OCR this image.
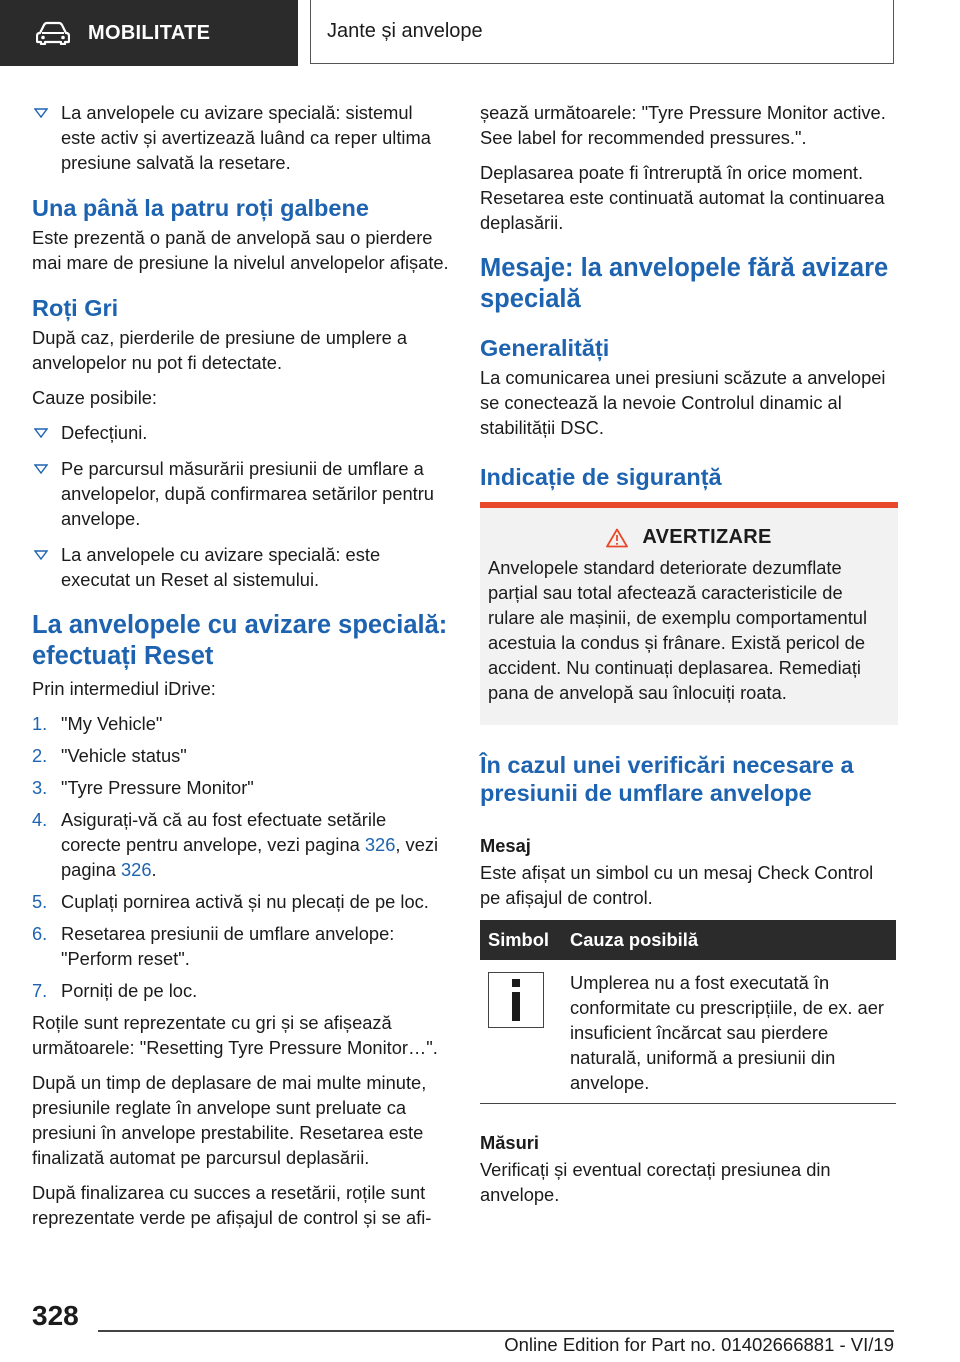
MOBILITATE	Jante și anvelope
La anvelopele cu avizare specială: sistemul este activ și avertizează luând ca reper ultima presiune salvată la resetare.
Una până la patru roți galbene

Este prezentă o pană de anvelopă sau o pierdere mai mare de presiune la nivelul anvelopelor afișate.

Roți Gri

După caz, pierderile de presiune de umplere a anvelopelor nu pot fi detectate.

Cauze posibile:

Defecțiuni.
Pe parcursul măsurării presiunii de umflare a anvelopelor, după confirmarea setărilor pentru anvelope.
La anvelopele cu avizare specială: este executat un Reset al sistemului.
La anvelopele cu avizare specială: efectuați Reset

Prin intermediul iDrive:

1. "My Vehicle"
2. "Vehicle status"
3. "Tyre Pressure Monitor"
4. Asigurați-vă că au fost efectuate setările corecte pentru anvelope, vezi pagina 326, vezi pagina 326.
5. Cuplați pornirea activă și nu plecați de pe loc.
6. Resetarea presiunii de umflare anvelope: "Perform reset".
7. Porniți de pe loc.

Roțile sunt reprezentate cu gri și se afișează următoarele: "Resetting Tyre Pressure Monitor…".

După un timp de deplasare de mai multe minute, presiunile reglate în anvelope sunt preluate ca presiuni în anvelope prestabilite. Resetarea este finalizată automat pe parcursul deplasării.

După finalizarea cu succes a resetării, roțile sunt reprezentate verde pe afișajul de control și se afi-

șează următoarele: "Tyre Pressure Monitor active. See label for recommended pressures.".

Deplasarea poate fi întreruptă în orice moment. Resetarea este continuată automat la continuarea deplasării.

Mesaje: la anvelopele fără avizare specială
Generalități

La comunicarea unei presiuni scăzute a anvelopei se conectează la nevoie Controlul dinamic al stabilității DSC.

Indicație de siguranță
AVERTIZARE

Anvelopele standard deteriorate dezumflate parțial sau total afectează caracteristicile de rulare ale mașinii, de exemplu comportamentul acestuia la condus și frânare. Există pericol de accident. Nu continuați deplasarea. Remediați pana de anvelopă sau înlocuiți roata.

În cazul unei verificări necesare a presiunii de umflare anvelope
Mesaj

Este afișat un simbol cu un mesaj Check Control pe afișajul de control.

Simbol	Cauza posibilă

	Umplerea nu a fost executată în conformitate cu prescripțiile, de ex. aer insuficient încărcat sau pierdere naturală, uniformă a presiunii din anvelope.
Măsuri

Verificați și eventual corectați presiunea din anvelope.

328
Online Edition for Part no. 01402666881 - VI/19
